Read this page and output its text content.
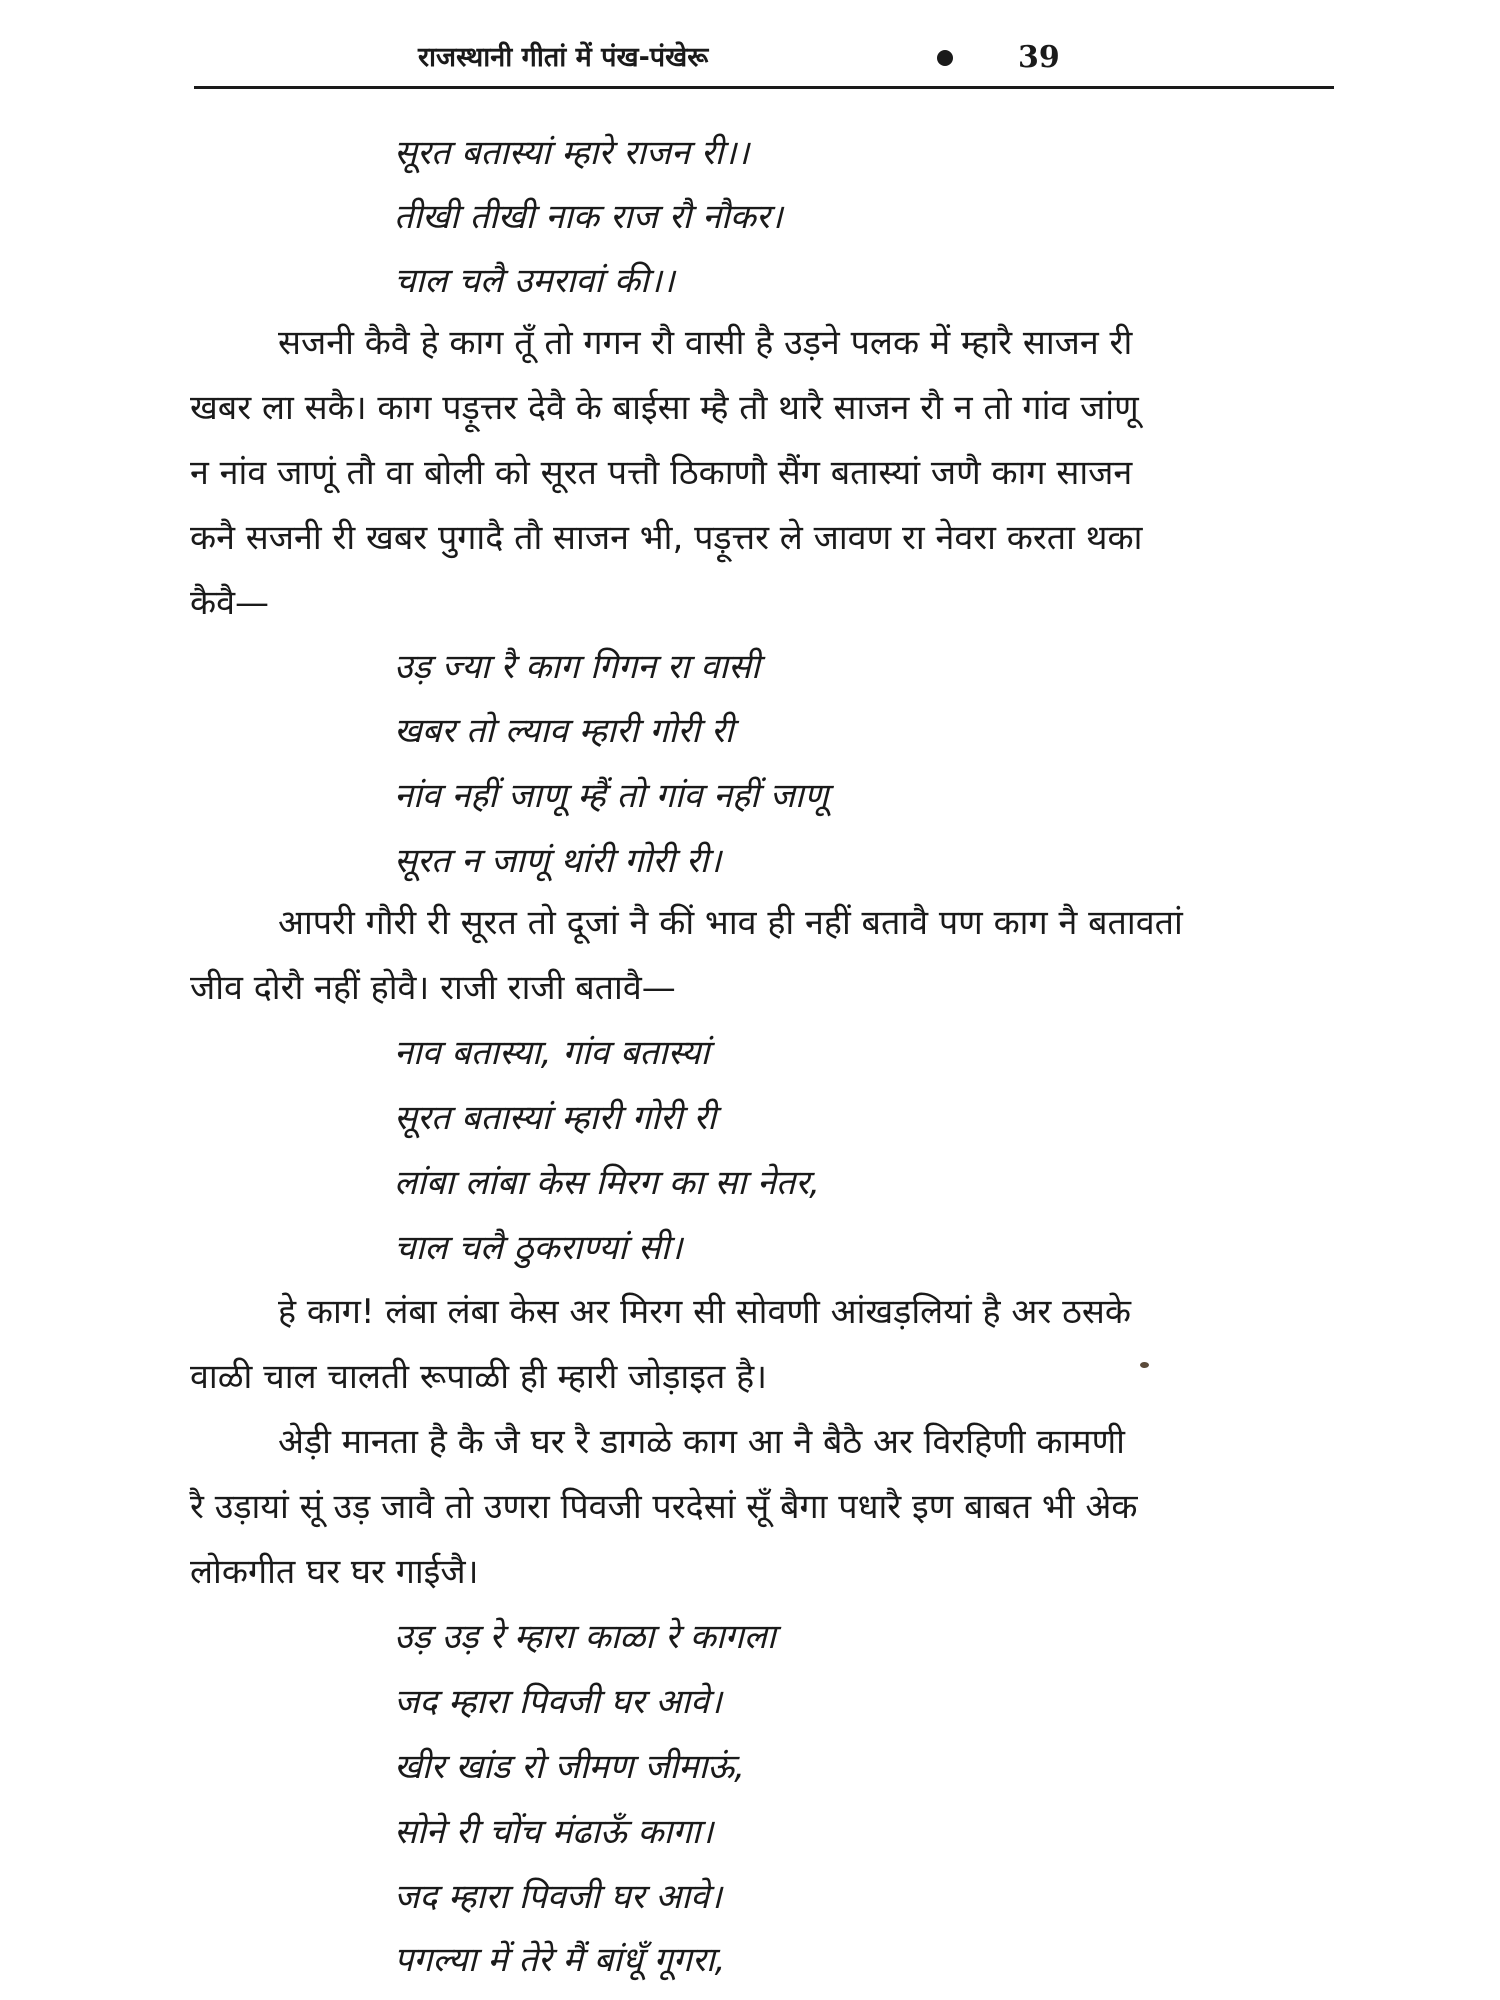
राजस्थानी गीतां में पंख-पंखेरू	39
सूरत बतास्यां म्हारे राजन री।।
तीखी तीखी नाक राज रौ नौकर।
चाल चलै उमरावां की।।
सजनी कैवै हे काग तूँ तो गगन रौ वासी है उड़ने पलक में म्हारै साजन री
खबर ला सकै। काग पड़ूत्तर देवै के बाईसा म्है तौ थारै साजन रौ न तो गांव जांणू
न नांव जाणूं तौ वा बोली को सूरत पत्तौ ठिकाणौ सैंग बतास्यां जणै काग साजन
कनै सजनी री खबर पुगादै तौ साजन भी, पड़ूत्तर ले जावण रा नेवरा करता थका
कैवै—
उड़ ज्या रै काग गिगन रा वासी
खबर तो ल्याव म्हारी गोरी री
नांव नहीं जाणू म्हैं तो गांव नहीं जाणू
सूरत न जाणूं थांरी गोरी री।
आपरी गौरी री सूरत तो दूजां नै कीं भाव ही नहीं बतावै पण काग नै बतावतां
जीव दोरौ नहीं होवै। राजी राजी बतावै—
नाव बतास्या, गांव बतास्यां
सूरत बतास्यां म्हारी गोरी री
लांबा लांबा केस मिरग का सा नेतर,
चाल चलै ठुकराण्यां सी।
हे काग! लंबा लंबा केस अर मिरग सी सोवणी आंखड़लियां है अर ठसके
वाळी चाल चालती रूपाळी ही म्हारी जोड़ाइत है।
अेड़ी मानता है कै जै घर रै डागळे काग आ नै बैठै अर विरहिणी कामणी
रै उड़ायां सूं उड़ जावै तो उणरा पिवजी परदेसां सूँ बैगा पधारै इण बाबत भी अेक
लोकगीत घर घर गाईजै।
उड़ उड़ रे म्हारा काळा रे कागला
जद म्हारा पिवजी घर आवे।
खीर खांड रो जीमण जीमाऊं,
सोने री चोंच मंढाऊँ कागा।
जद म्हारा पिवजी घर आवे।
पगल्या में तेरे मैं बांधूँ गूगरा,
